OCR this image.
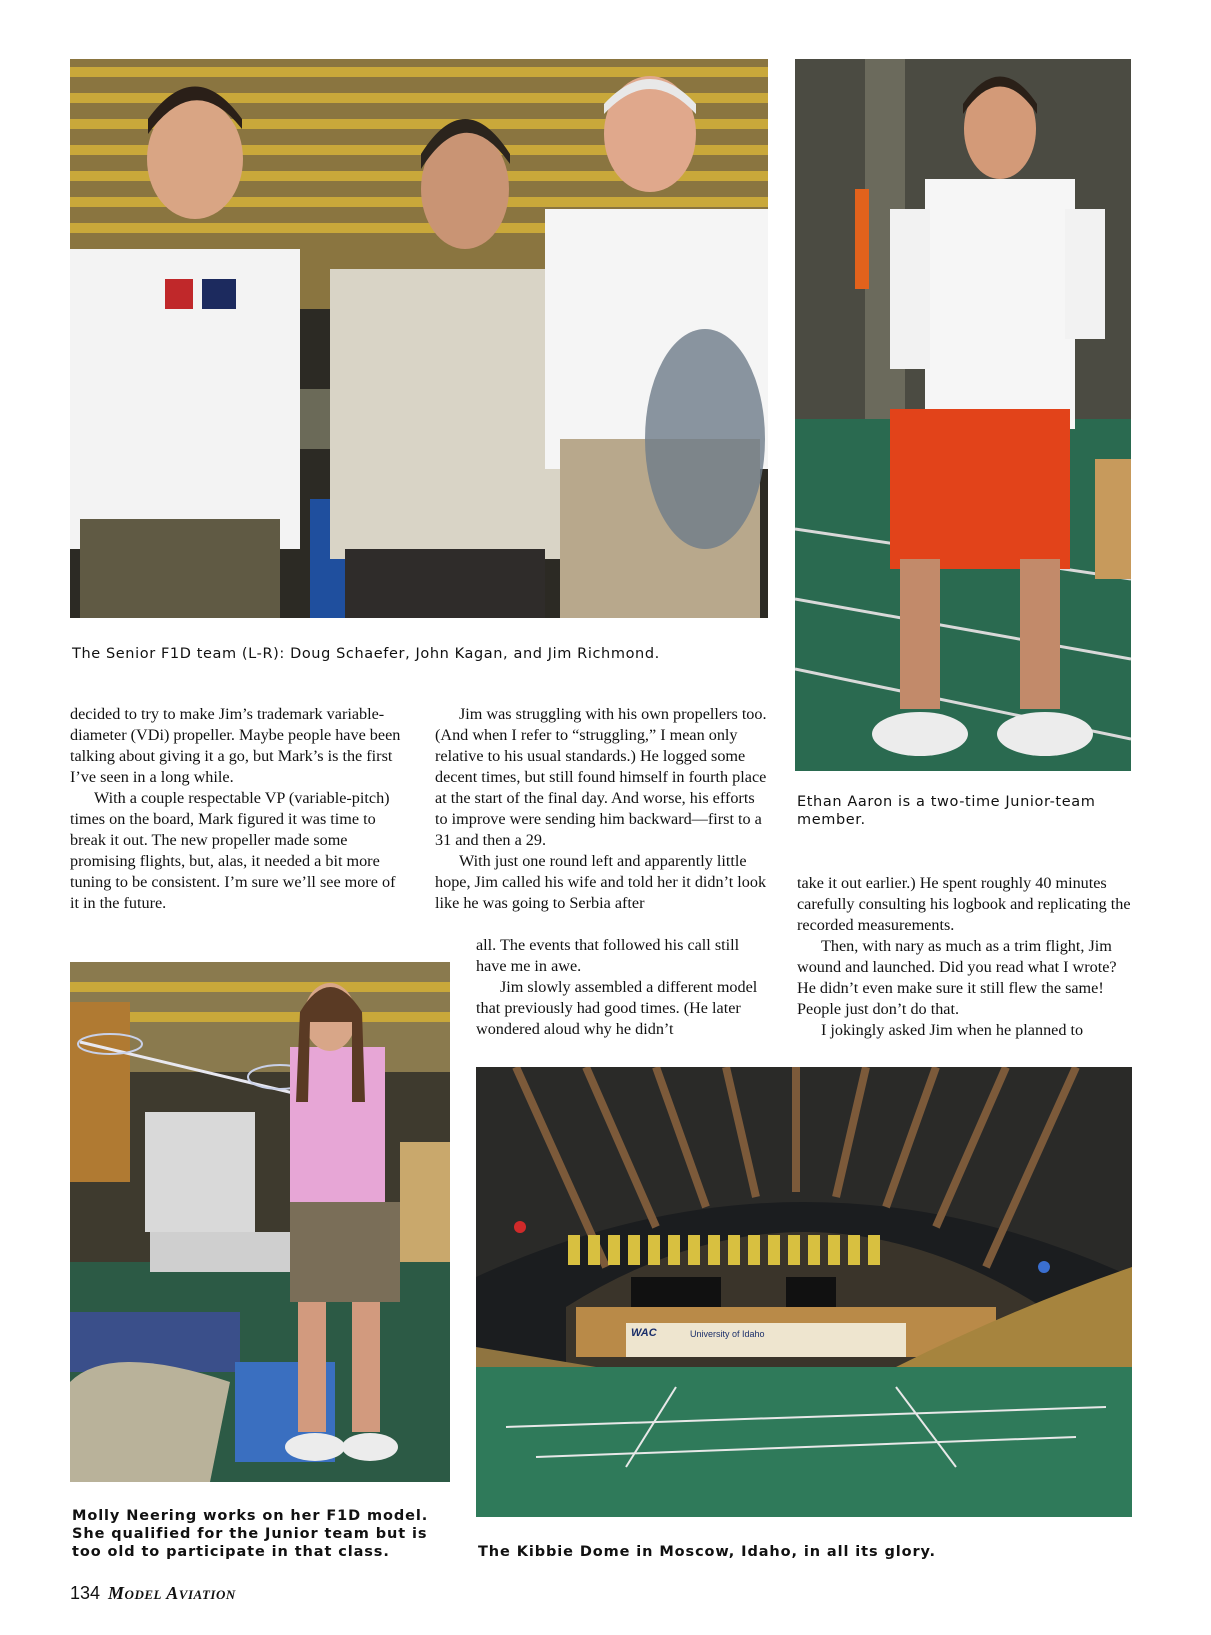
The Senior F1D team (L-R): Doug Schaefer, John Kagan, and Jim Richmond.
Ethan Aaron is a two-time Junior-team member.

decided to try to make Jim’s trademark variable-diameter (VDi) propeller. Maybe people have been talking about giving it a go, but Mark’s is the first I’ve seen in a long while.

With a couple respectable VP (variable-pitch) times on the board, Mark figured it was time to break it out. The new propeller made some promising flights, but, alas, it needed a bit more tuning to be consistent. I’m sure we’ll see more of it in the future.

Jim was struggling with his own propellers too. (And when I refer to “struggling,” I mean only relative to his usual standards.) He logged some decent times, but still found himself in fourth place at the start of the final day. And worse, his efforts to improve were sending him backward—first to a 31 and then a 29.

With just one round left and apparently little hope, Jim called his wife and told her it didn’t look like he was going to Serbia after

all. The events that followed his call still have me in awe.

Jim slowly assembled a different model that previously had good times. (He later wondered aloud why he didn’t

take it out earlier.) He spent roughly 40 minutes carefully consulting his logbook and replicating the recorded measurements.

Then, with nary as much as a trim flight, Jim wound and launched. Did you read what I wrote? He didn’t even make sure it still flew the same! People just don’t do that.

I jokingly asked Jim when he planned to

Molly Neering works on her F1D model. She qualified for the Junior team but is too old to participate in that class.
WAC	University of Idaho
The Kibbie Dome in Moscow, Idaho, in all its glory.
134 Model Aviation
